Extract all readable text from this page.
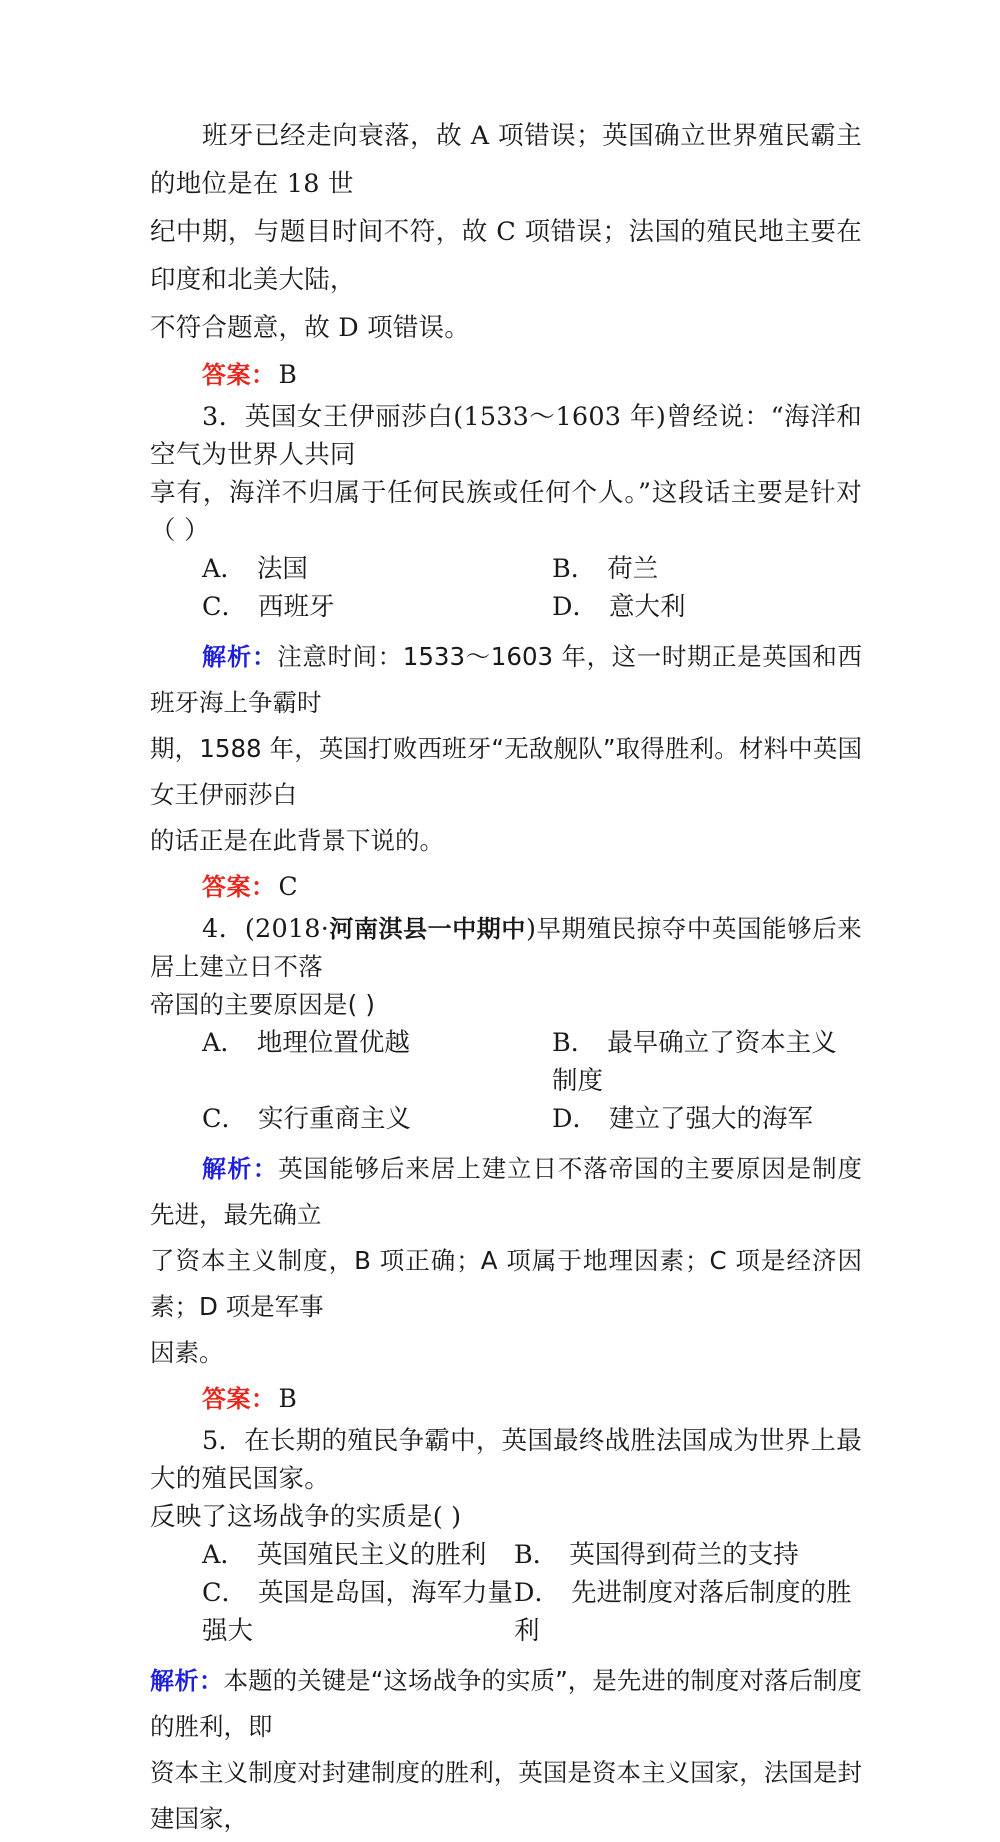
班牙已经走向衰落，故 A 项错误；英国确立世界殖民霸主的地位是在 18 世

纪中期，与题目时间不符，故 C 项错误；法国的殖民地主要在印度和北美大陆，

不符合题意，故 D 项错误。

答案： B

3．英国女王伊丽莎白(1533～1603 年)曾经说：“海洋和空气为世界人共同

享有，海洋不归属于任何民族或任何个人。”这段话主要是针对（ ）

A． 法国	B． 荷兰
C． 西班牙	D． 意大利

解析：注意时间：1533～1603 年，这一时期正是英国和西班牙海上争霸时

期，1588 年，英国打败西班牙“无敌舰队”取得胜利。材料中英国女王伊丽莎白

的话正是在此背景下说的。

答案： C

4．(2018·河南淇县一中期中)早期殖民掠夺中英国能够后来居上建立日不落

帝国的主要原因是( )

A． 地理位置优越	B． 最早确立了资本主义制度
C． 实行重商主义	D． 建立了强大的海军

解析：英国能够后来居上建立日不落帝国的主要原因是制度先进，最先确立

了资本主义制度，B 项正确；A 项属于地理因素；C 项是经济因素；D 项是军事

因素。

答案： B

5．在长期的殖民争霸中，英国最终战胜法国成为世界上最大的殖民国家。

反映了这场战争的实质是( )

A． 英国殖民主义的胜利	B． 英国得到荷兰的支持
C． 英国是岛国，海军力量强大
D． 先进制度对落后制度的胜利

解析：本题的关键是“这场战争的实质”，是先进的制度对落后制度的胜利，即

资本主义制度对封建制度的胜利，英国是资本主义国家，法国是封建国家，
